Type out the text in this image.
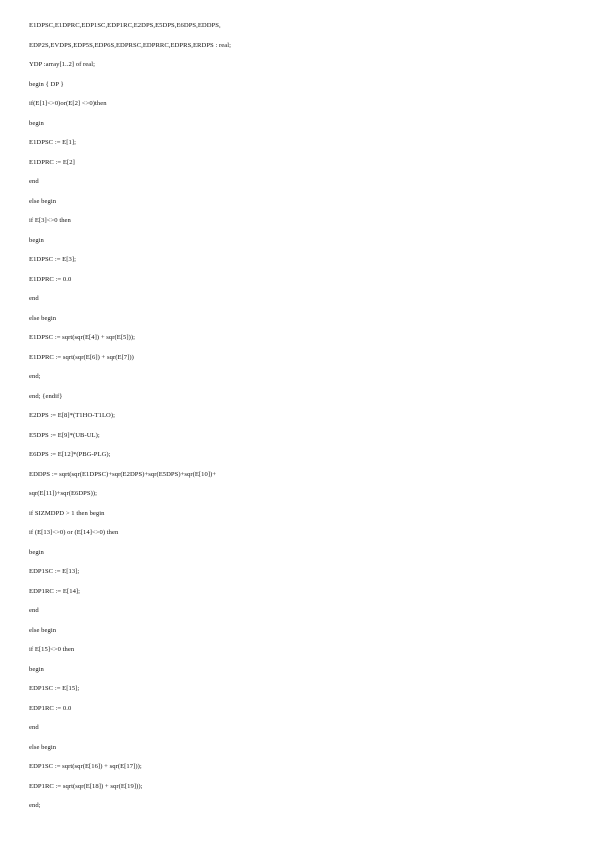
E1DPSC,E1DPRC,EDP1SC,EDP1RC,E2DPS,E5DPS,E6DPS,EDDPS,
EDP2S,EVDPS,EDP5S,EDP6S,EDPRSC,EDPRRC,EDPRS,ERDPS : real;
YDP :array[1..2] of real;
begin { DP }
if(E[1]<>0)or(E[2] <>0)then
begin
E1DPSC := E[1];
E1DPRC := E[2]
end
else begin
if E[3]<>0 then
begin
E1DPSC := E[3];
E1DPRC := 0.0
end
else begin
E1DPSC := sqrt(sqr(E[4]) + sqr(E[5]));
E1DPRC := sqrt(sqr(E[6]) + sqr(E[7]))
end;
end; {endif}
E2DPS := E[8]*(T1HO-T1LO);
E5DPS := E[9]*(UB-UL);
E6DPS := E[12]*(PBG-PLG);
EDDPS := sqrt(sqr(E1DPSC)+sqr(E2DPS)+sqr(E5DPS)+sqr(E[10])+
sqr(E[11])+sqr(E6DPS));
if SIZMDPD > 1 then begin
if (E[13]<>0) or (E[14]<>0) then
begin
EDP1SC := E[13];
EDP1RC := E[14];
end
else begin
if E[15]<>0 then
begin
EDP1SC := E[15];
EDP1RC := 0.0
end
else begin
EDP1SC := sqrt(sqr(E[16]) + sqr(E[17]));
EDP1RC := sqrt(sqr(E[18]) + sqr(E[19]));
end;
